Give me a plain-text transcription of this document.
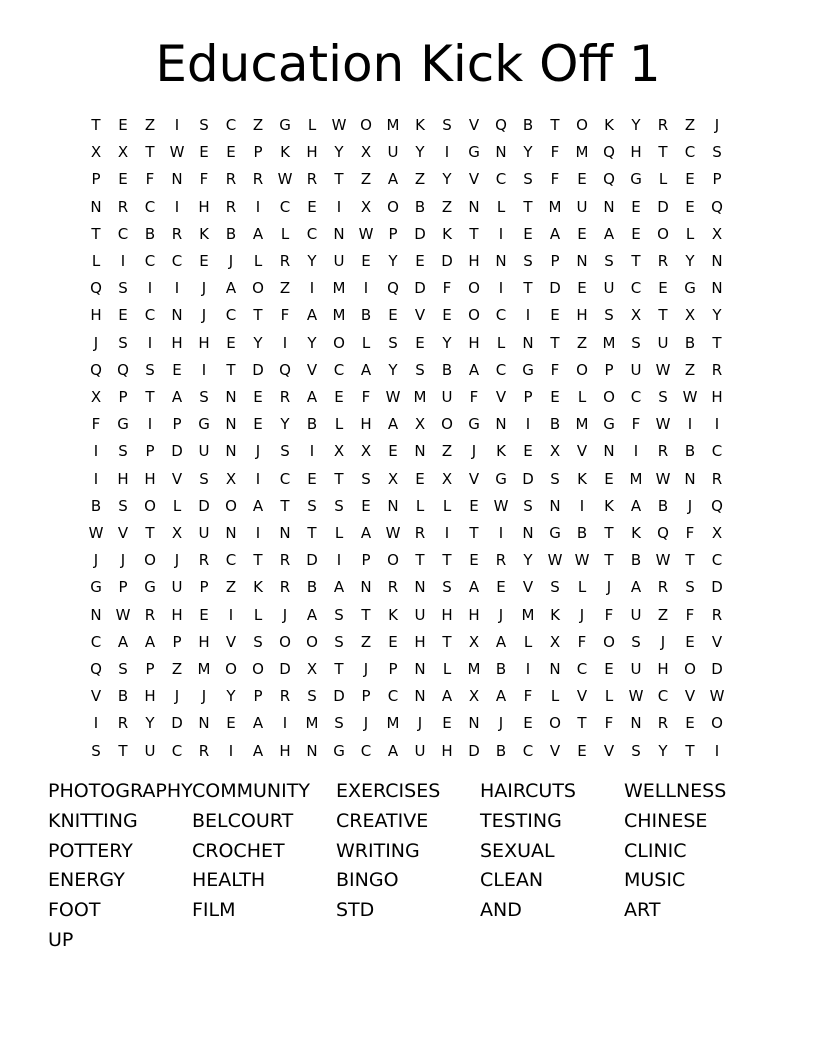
Education Kick Off 1
T	E	Z	I	S	C	Z	G	L	W O M	K	S	V	Q	B	T	O	K	Y	R	Z	J
X	X	T	W E	E	P	K	H	Y	X	U	Y	I	G	N	Y	F	M Q	H	T	C	S
P	E	F	N	F	R	R W R	T	Z	A	Z	Y	V	C	S	F	E	Q	G	L	E	P
N	R	C	I	H	R	I	C	E	I	X	O	B	Z	N	L	T	M	U	N	E	D	E	Q
T	C	B	R	K	B	A	L	C	N W	P	D	K	T	I	E	A	E	A	E	O	L	X
L	I	C	C	E	J	L	R	Y	U	E	Y	E	D	H	N	S	P	N	S	T	R	Y	N
Q	S	I	I	J	A	O	Z	I	M	I	Q	D	F	O	I	T	D	E	U	C	E	G	N
H	E	C	N	J	C	T	F	A	M	B	E	V	E	O	C	I	E	H	S	X	T	X	Y
J	S	I	H	H	E	Y	I	Y	O	L	S	E	Y	H	L	N	T	Z	M	S	U	B	T
Q	Q	S	E	I	T	D	Q	V	C	A	Y	S	B	A	C	G	F	O	P	U W Z	R
X	P	T	A	S	N	E	R	A	E	F	W M	U	F	V	P	E	L	O	C	S W H
F	G	I	P	G	N	E	Y	B	L	H	A	X	O	G	N	I	B	M G	F	W	I	I
I	S	P	D	U	N	J	S	I	X	X	E	N	Z	J	K	E	X	V	N	I	R	B	C
I	H	H	V	S	X	I	C	E	T	S	X	E	X	V	G	D	S	K	E	M W N	R
B	S	O	L	D	O	A	T	S	S	E	N	L	L	E W S	N	I	K	A	B	J	Q
W V	T	X	U	N	I	N	T	L	A W R	I	T	I	N	G	B	T	K	Q	F	X
J	J	O	J	R	C	T	R	D	I	P	O	T	T	E	R	Y	W W T	B W T	C
G	P	G	U	P	Z	K	R	B	A	N	R	N	S	A	E	V	S	L	J	A	R	S	D
N W R	H	E	I	L	J	A	S	T	K	U	H	H	J	M	K	J	F	U	Z	F	R
C	A	A	P	H	V	S	O	O	S	Z	E	H	T	X	A	L	X	F	O	S	J	E	V
Q	S	P	Z	M O	O	D	X	T	J	P	N	L	M	B	I	N	C	E	U	H	O	D
V	B	H	J	J	Y	P	R	S	D	P	C	N	A	X	A	F	L	V	L	W C	V W
I	R	Y	D	N	E	A	I	M	S	J	M	J	E	N	J	E	O	T	F	N	R	E	O
S	T	U	C	R	I	A	H	N	G	C	A	U	H	D	B	C	V	E	V	S	Y	T	I
PHOTOGRAPHY COMMUNITY	EXERCISES	HAIRCUTS	WELLNESS
KNITTING	BELCOURT	CREATIVE	TESTING	CHINESE
POTTERY	CROCHET	WRITING	SEXUAL	CLINIC
ENERGY	HEALTH	BINGO	CLEAN	MUSIC
FOOT	FILM	STD	AND	ART
UP
